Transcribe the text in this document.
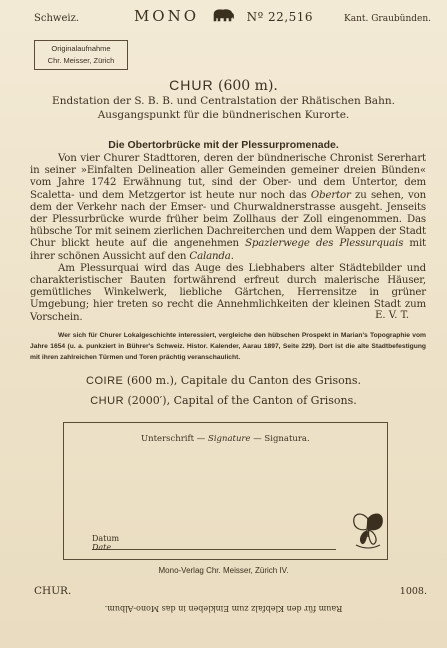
Schweiz.	MONO	Nº 22,516	Kant. Graubünden.
Originalaufnahme
Chr. Meisser, Zürich
CHUR (600 m).
Endstation der S. B. B. und Centralstation der Rhätischen Bahn.
Ausgangspunkt für die bündnerischen Kurorte.
Die Obertorbrücke mit der Plessurpromenade.

Von vier Churer Stadttoren, deren der bündnerische Chronist Sererhart in seiner »Einfalten Delineation aller Gemeinden gemeiner dreien Bünden« vom Jahre 1742 Erwähnung tut, sind der Ober- und dem Untertor, dem Scaletta- und dem Metzgertor ist heute nur noch das Obertor zu sehen, von dem der Verkehr nach der Emser- und Churwaldnerstrasse ausgeht. Jenseits der Plessurbrücke wurde früher beim Zollhaus der Zoll eingenommen. Das hübsche Tor mit seinem zierlichen Dachreiterchen und dem Wappen der Stadt Chur blickt heute auf die angenehmen Spazierwege des Plessurquais mit ihrer schönen Aussicht auf den Calanda.

Am Plessurquai wird das Auge des Liebhabers alter Städtebilder und charakteristischer Bauten fortwährend erfreut durch malerische Häuser, gemütliches Winkelwerk, liebliche Gärtchen, Herrensitze in grüner Umgebung; hier treten so recht die Annehmlichkeiten der kleinen Stadt zum Vorschein.	E. V. T.
Wer sich für Churer Lokalgeschichte interessiert, vergleiche den hübschen Prospekt in Marian's Topographie vom Jahre 1654 (u. a. punkziert in Bührer's Schweiz. Histor. Kalender, Aarau 1897, Seite 229). Dort ist die alte Stadtbefestigung mit ihren zahlreichen Türmen und Toren prächtig veranschaulicht.
COIRE (600 m.), Capitale du Canton des Grisons.
CHUR (2000′), Capital of the Canton of Grisons.
Unterschrift — Signature — Signatura.
Datum
Date
Mono-Verlag Chr. Meisser, Zürich IV.
CHUR.	1008.
Raum für den Klebfalz zum Einkleben in das Mono-Album.
